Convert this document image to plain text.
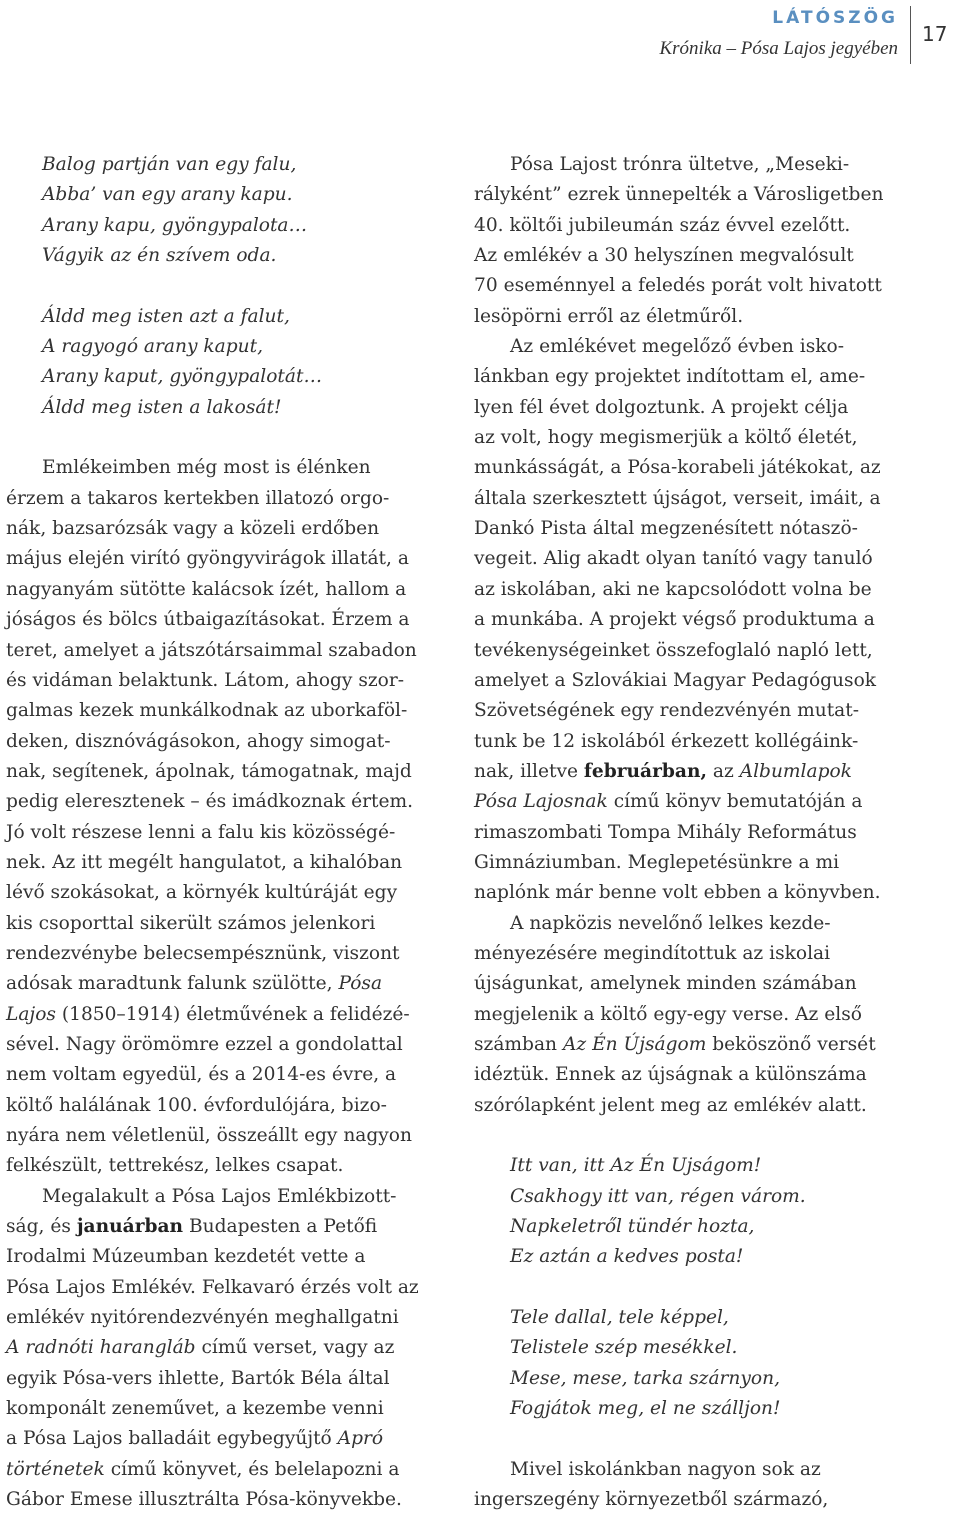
LÁTÓSZÖG
Krónika – Pósa Lajos jegyében
17
Balog partján van egy falu,
Abba’ van egy arany kapu.
Arany kapu, gyöngypalota…
Vágyik az én szívem oda.
Áldd meg isten azt a falut,
A ragyogó arany kaput,
Arany kaput, gyöngypalotát…
Áldd meg isten a lakosát!
Emlékeimben még most is élénken
érzem a takaros kertekben illatozó orgo-
nák, bazsarózsák vagy a közeli erdőben
május elején virító gyöngyvirágok illatát, a
nagyanyám sütötte kalácsok ízét, hallom a
jóságos és bölcs útbaigazításokat. Érzem a
teret, amelyet a játszótársaimmal szabadon
és vidáman belaktunk. Látom, ahogy szor-
galmas kezek munkálkodnak az uborkaföl-
deken, disznóvágásokon, ahogy simogat-
nak, segítenek, ápolnak, támogatnak, majd
pedig eleresztenek – és imádkoznak értem.
Jó volt részese lenni a falu kis közösségé-
nek. Az itt megélt hangulatot, a kihalóban
lévő szokásokat, a környék kultúráját egy
kis csoporttal sikerült számos jelenkori
rendezvénybe belecsempésznünk, viszont
adósak maradtunk falunk szülötte, Pósa
Lajos (1850–1914) életművének a felidézé-
sével. Nagy örömömre ezzel a gondolattal
nem voltam egyedül, és a 2014-es évre, a
költő halálának 100. évfordulójára, bizo-
nyára nem véletlenül, összeállt egy nagyon
felkészült, tettrekész, lelkes csapat.
Megalakult a Pósa Lajos Emlékbizott-
ság, és januárban Budapesten a Petőfi
Irodalmi Múzeumban kezdetét vette a
Pósa Lajos Emlékév. Felkavaró érzés volt az
emlékév nyitórendezvényén meghallgatni
A radnóti harangláb című verset, vagy az
egyik Pósa-vers ihlette, Bartók Béla által
komponált zeneművet, a kezembe venni
a Pósa Lajos balladáit egybegyűjtő Apró
történetek című könyvet, és belelapozni a
Gábor Emese illusztrálta Pósa-könyvekbe.
Pósa Lajost trónra ültetve, „Meseki-
rályként” ezrek ünnepelték a Városligetben
40. költői jubileumán száz évvel ezelőtt.
Az emlékév a 30 helyszínen megvalósult
70 eseménnyel a feledés porát volt hivatott
lesöpörni erről az életműről.
Az emlékévet megelőző évben isko-
lánkban egy projektet indítottam el, ame-
lyen fél évet dolgoztunk. A projekt célja
az volt, hogy megismerjük a költő életét,
munkásságát, a Pósa-korabeli játékokat, az
általa szerkesztett újságot, verseit, imáit, a
Dankó Pista által megzenésített nótaszö-
vegeit. Alig akadt olyan tanító vagy tanuló
az iskolában, aki ne kapcsolódott volna be
a munkába. A projekt végső produktuma a
tevékenységeinket összefoglaló napló lett,
amelyet a Szlovákiai Magyar Pedagógusok
Szövetségének egy rendezvényén mutat-
tunk be 12 iskolából érkezett kollégáink-
nak, illetve februárban, az Albumlapok
Pósa Lajosnak című könyv bemutatóján a
rimaszombati Tompa Mihály Református
Gimnáziumban. Meglepetésünkre a mi
naplónk már benne volt ebben a könyvben.
A napközis nevelőnő lelkes kezde-
ményezésére megindítottuk az iskolai
újságunkat, amelynek minden számában
megjelenik a költő egy-egy verse. Az első
számban Az Én Újságom beköszönő versét
idéztük. Ennek az újságnak a különszáma
szórólapként jelent meg az emlékév alatt.
Itt van, itt Az Én Ujságom!
Csakhogy itt van, régen várom.
Napkeletről tündér hozta,
Ez aztán a kedves posta!
Tele dallal, tele képpel,
Telistele szép mesékkel.
Mese, mese, tarka szárnyon,
Fogjátok meg, el ne szálljon!
Mivel iskolánkban nagyon sok az
ingerszegény környezetből származó,
